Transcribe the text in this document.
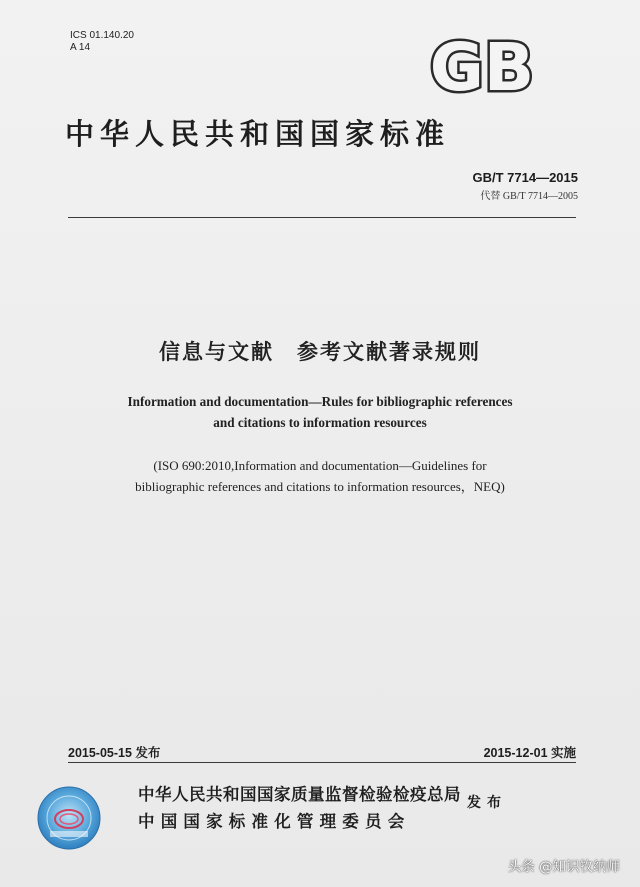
ICS 01.140.20
A 14	GB
中华人民共和国国家标准
GB/T 7714—2015
代替 GB/T 7714—2005
信息与文献　参考文献著录规则
Information and documentation—Rules for bibliographic references
and citations to information resources
(ISO 690:2010,Information and documentation—Guidelines for
bibliographic references and citations to information resources，NEQ)
2015-05-15 发布	2015-12-01 实施
中华人民共和国国家质量监督检验检疫总局
中国国家标准化管理委员会
发布
头条 @知识牧纳师
